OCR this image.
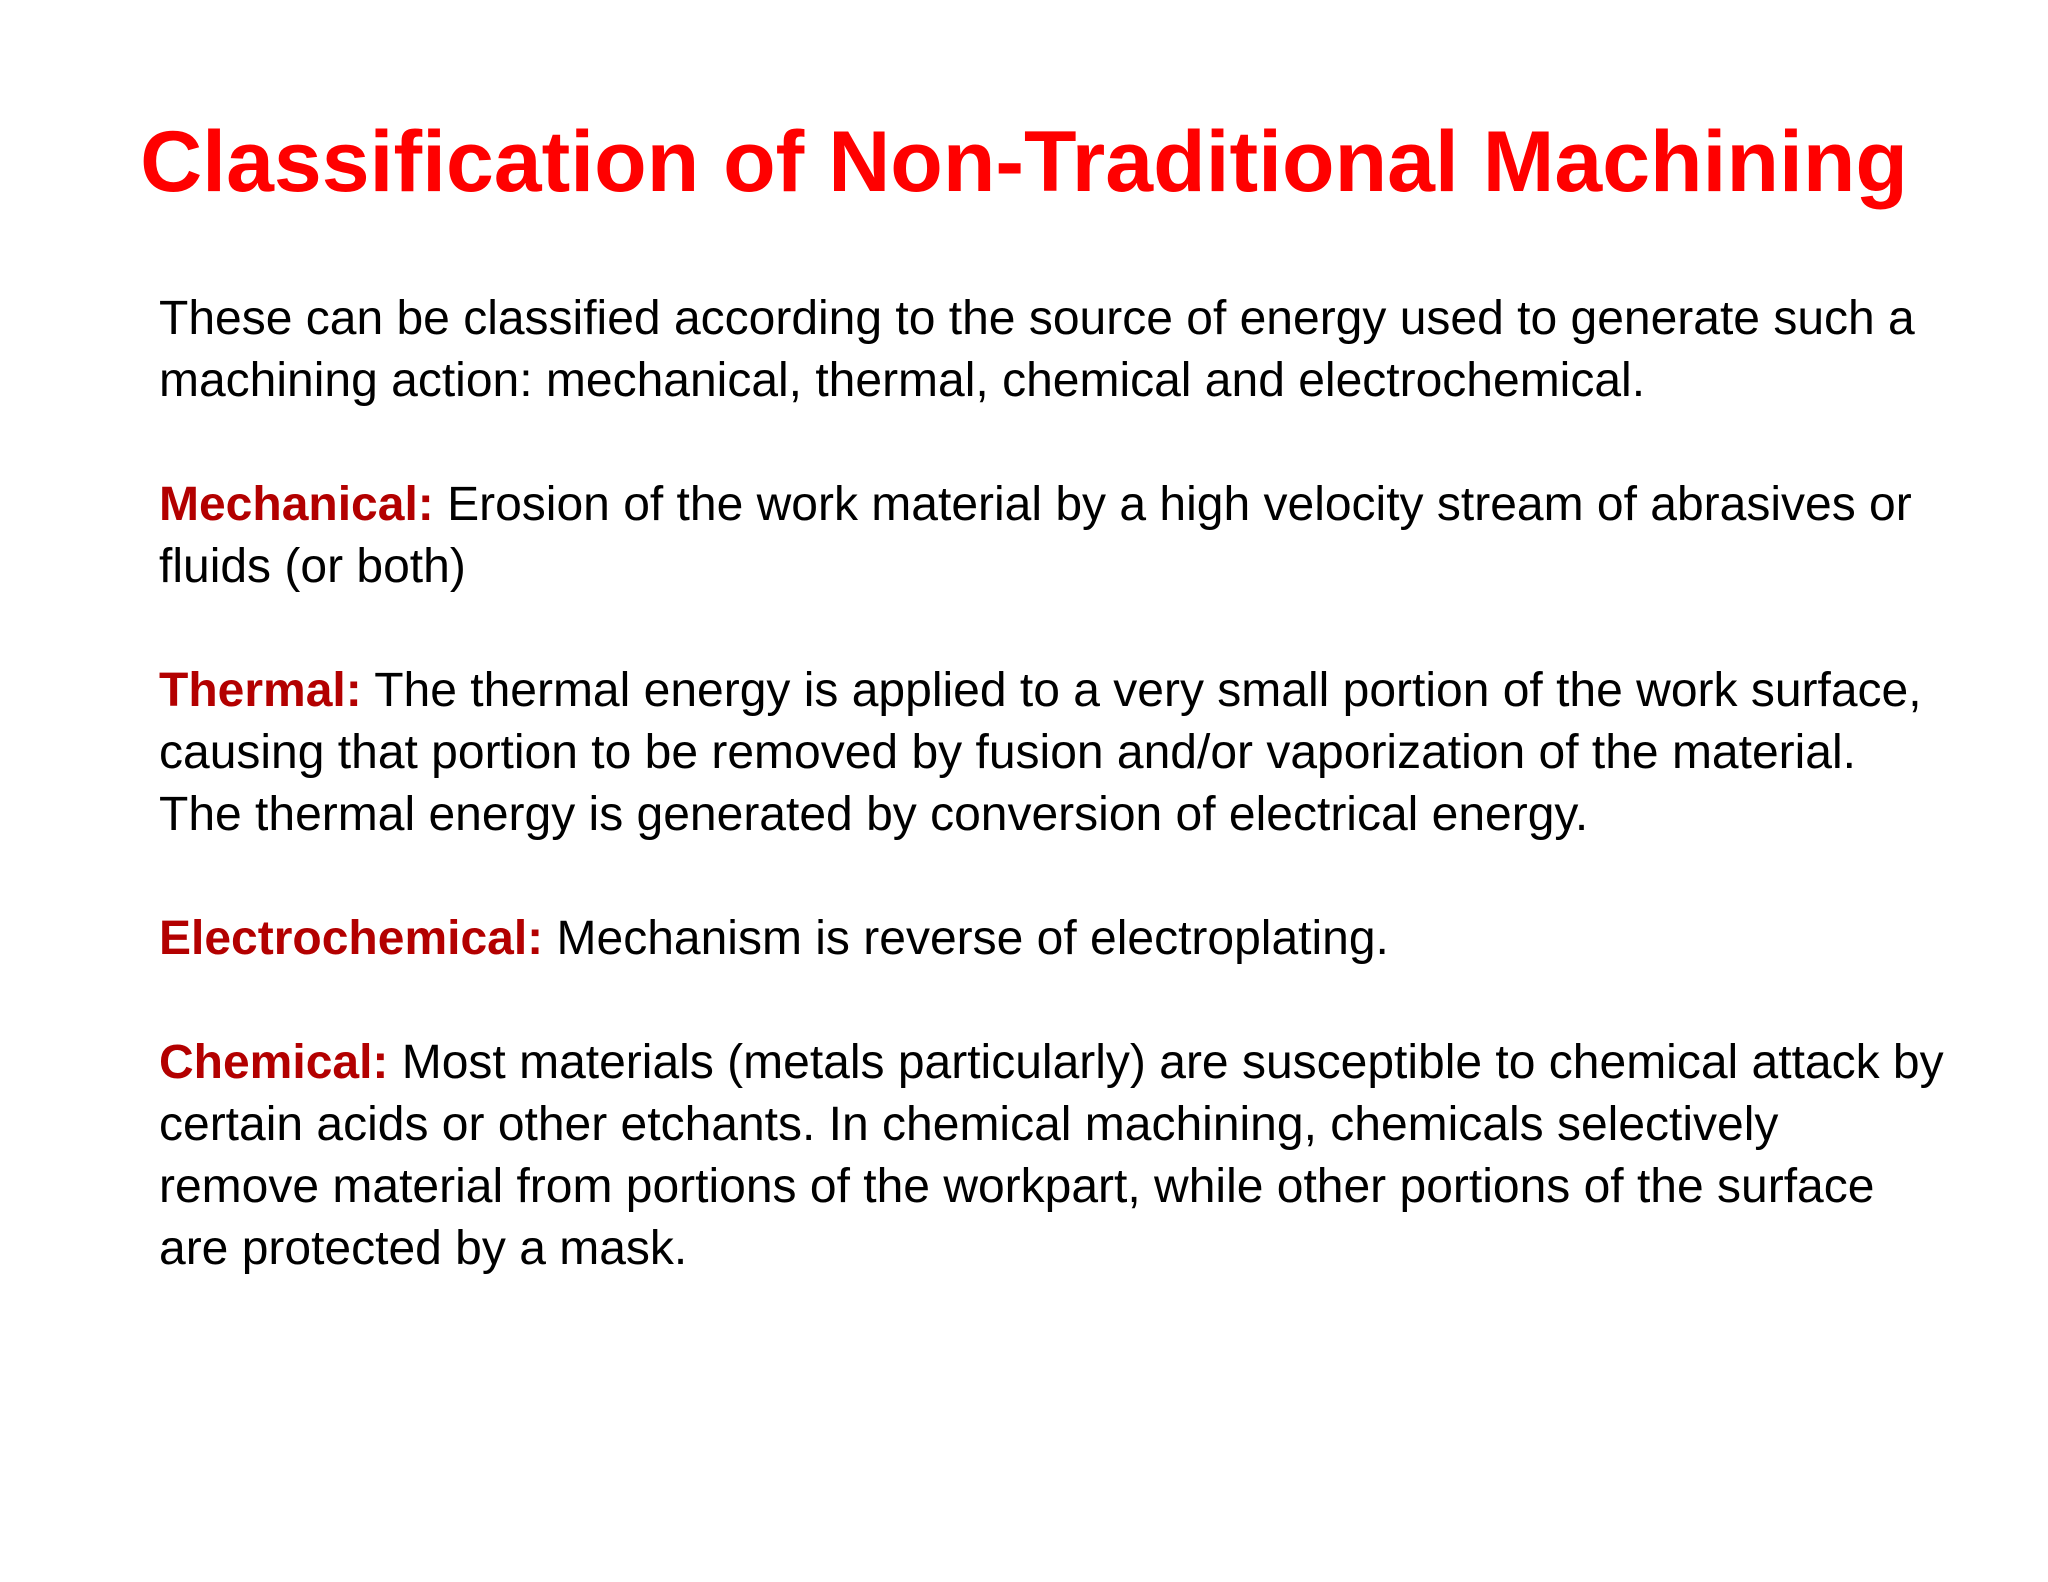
Classification of Non-Traditional Machining

These can be classified according to the source of energy used to generate such a machining action: mechanical, thermal, chemical and electrochemical.

Mechanical: Erosion of the work material by a high velocity stream of abrasives or fluids (or both)

Thermal: The thermal energy is applied to a very small portion of the work surface, causing that portion to be removed by fusion and/or vaporization of the material. The thermal energy is generated by conversion of electrical energy.

Electrochemical: Mechanism is reverse of electroplating.

Chemical: Most materials (metals particularly) are susceptible to chemical attack by certain acids or other etchants. In chemical machining, chemicals selectively remove material from portions of the workpart, while other portions of the surface are protected by a mask.
